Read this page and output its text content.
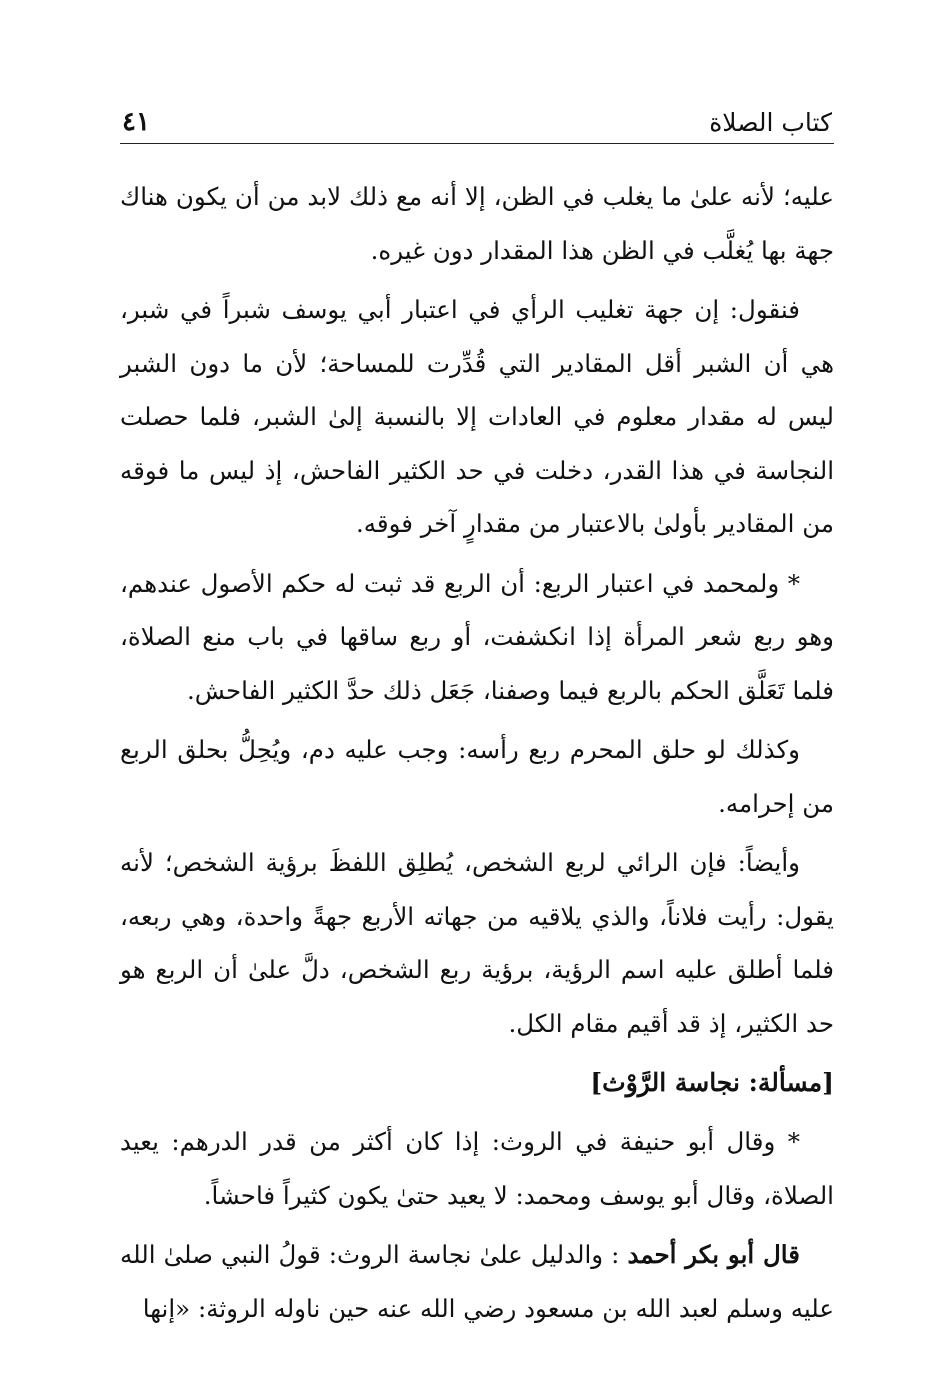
كتاب الصلاة
٤١

عليه؛ لأنه علىٰ ما يغلب في الظن، إلا أنه مع ذلك لابد من أن يكون هناك جهة بها يُغلَّب في الظن هذا المقدار دون غيره.

فنقول: إن جهة تغليب الرأي في اعتبار أبي يوسف شبراً في شبر، هي أن الشبر أقل المقادير التي قُدِّرت للمساحة؛ لأن ما دون الشبر ليس له مقدار معلوم في العادات إلا بالنسبة إلىٰ الشبر، فلما حصلت النجاسة في هذا القدر، دخلت في حد الكثير الفاحش، إذ ليس ما فوقه من المقادير بأولىٰ بالاعتبار من مقدارٍ آخر فوقه.

* ولمحمد في اعتبار الربع: أن الربع قد ثبت له حكم الأصول عندهم، وهو ربع شعر المرأة إذا انكشفت، أو ربع ساقها في باب منع الصلاة، فلما تَعَلَّق الحكم بالربع فيما وصفنا، جَعَل ذلك حدَّ الكثير الفاحش.

وكذلك لو حلق المحرم ربع رأسه: وجب عليه دم، ويُحِلُّ بحلق الربع من إحرامه.

وأيضاً: فإن الرائي لربع الشخص، يُطلِق اللفظَ برؤية الشخص؛ لأنه يقول: رأيت فلاناً، والذي يلاقيه من جهاته الأربع جهةً واحدة، وهي ربعه، فلما أطلق عليه اسم الرؤية، برؤية ربع الشخص، دلَّ علىٰ أن الربع هو حد الكثير، إذ قد أقيم مقام الكل.

[مسألة: نجاسة الرَّوْث]

* وقال أبو حنيفة في الروث: إذا كان أكثر من قدر الدرهم: يعيد الصلاة، وقال أبو يوسف ومحمد: لا يعيد حتىٰ يكون كثيراً فاحشاً.

قال أبو بكر أحمد : والدليل علىٰ نجاسة الروث: قولُ النبي صلىٰ الله عليه وسلم لعبد الله بن مسعود رضي الله عنه حين ناوله الروثة: «إنها
